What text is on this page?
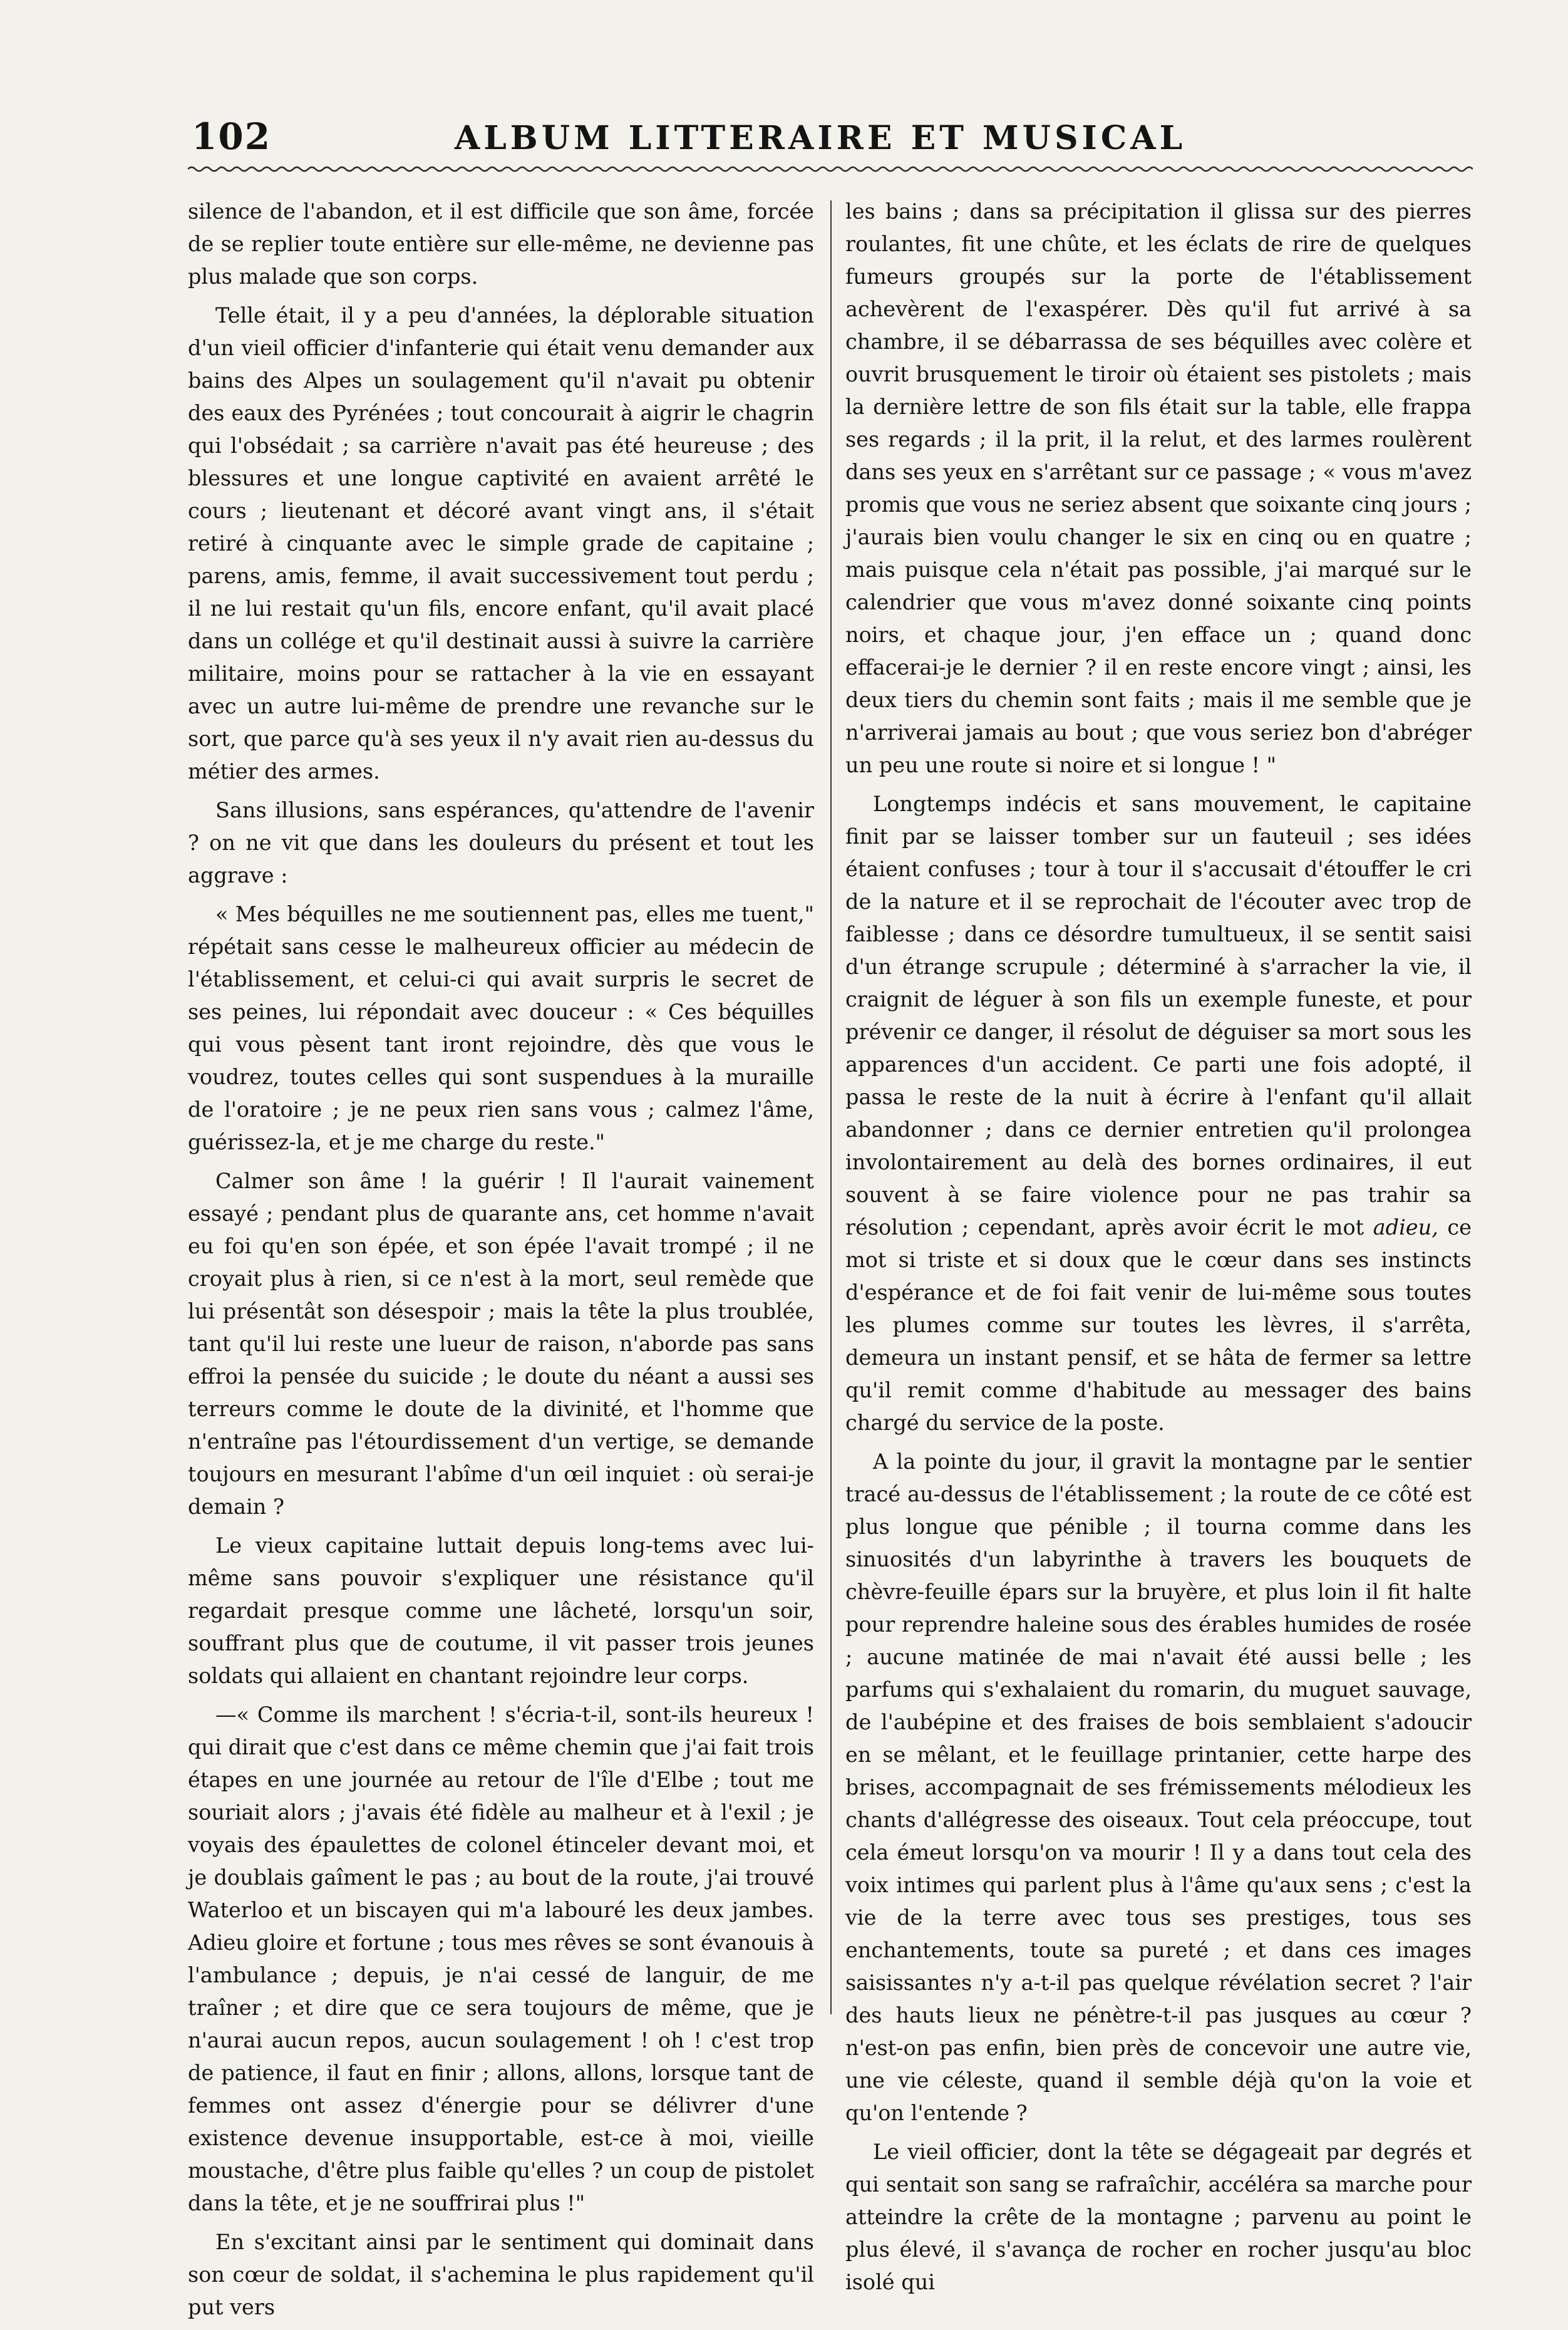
102	ALBUM LITTERAIRE ET MUSICAL

silence de l'abandon, et il est difficile que son âme, forcée de se replier toute entière sur elle-même, ne devienne pas plus malade que son corps.

Telle était, il y a peu d'années, la déplorable situation d'un vieil officier d'infanterie qui était venu demander aux bains des Alpes un soulagement qu'il n'avait pu obtenir des eaux des Pyrénées ; tout concourait à aigrir le chagrin qui l'obsédait ; sa carrière n'avait pas été heureuse ; des blessures et une longue captivité en avaient arrêté le cours ; lieutenant et décoré avant vingt ans, il s'était retiré à cinquante avec le simple grade de capitaine ; parens, amis, femme, il avait successivement tout perdu ; il ne lui restait qu'un fils, encore enfant, qu'il avait placé dans un collége et qu'il destinait aussi à suivre la carrière militaire, moins pour se rattacher à la vie en essayant avec un autre lui-même de prendre une revanche sur le sort, que parce qu'à ses yeux il n'y avait rien au-dessus du métier des armes.

Sans illusions, sans espérances, qu'attendre de l'avenir ? on ne vit que dans les douleurs du présent et tout les aggrave :

« Mes béquilles ne me soutiennent pas, elles me tuent," répétait sans cesse le malheureux officier au médecin de l'établissement, et celui-ci qui avait surpris le secret de ses peines, lui répondait avec douceur : « Ces béquilles qui vous pèsent tant iront rejoindre, dès que vous le voudrez, toutes celles qui sont suspendues à la muraille de l'oratoire ; je ne peux rien sans vous ; calmez l'âme, guérissez-la, et je me charge du reste."

Calmer son âme ! la guérir ! Il l'aurait vainement essayé ; pendant plus de quarante ans, cet homme n'avait eu foi qu'en son épée, et son épée l'avait trompé ; il ne croyait plus à rien, si ce n'est à la mort, seul remède que lui présentât son désespoir ; mais la tête la plus troublée, tant qu'il lui reste une lueur de raison, n'aborde pas sans effroi la pensée du suicide ; le doute du néant a aussi ses terreurs comme le doute de la divinité, et l'homme que n'entraîne pas l'étourdissement d'un vertige, se demande toujours en mesurant l'abîme d'un œil inquiet : où serai-je demain ?

Le vieux capitaine luttait depuis long-tems avec lui-même sans pouvoir s'expliquer une résistance qu'il regardait presque comme une lâcheté, lorsqu'un soir, souffrant plus que de coutume, il vit passer trois jeunes soldats qui allaient en chantant rejoindre leur corps.

—« Comme ils marchent ! s'écria-t-il, sont-ils heureux ! qui dirait que c'est dans ce même chemin que j'ai fait trois étapes en une journée au retour de l'île d'Elbe ; tout me souriait alors ; j'avais été fidèle au malheur et à l'exil ; je voyais des épaulettes de colonel étinceler devant moi, et je doublais gaîment le pas ; au bout de la route, j'ai trouvé Waterloo et un biscayen qui m'a labouré les deux jambes. Adieu gloire et fortune ; tous mes rêves se sont évanouis à l'ambulance ; depuis, je n'ai cessé de languir, de me traîner ; et dire que ce sera toujours de même, que je n'aurai aucun repos, aucun soulagement ! oh ! c'est trop de patience, il faut en finir ; allons, allons, lorsque tant de femmes ont assez d'énergie pour se délivrer d'une existence devenue insupportable, est-ce à moi, vieille moustache, d'être plus faible qu'elles ? un coup de pistolet dans la tête, et je ne souffrirai plus !"

En s'excitant ainsi par le sentiment qui dominait dans son cœur de soldat, il s'achemina le plus rapidement qu'il put vers

les bains ; dans sa précipitation il glissa sur des pierres roulantes, fit une chûte, et les éclats de rire de quelques fumeurs groupés sur la porte de l'établissement achevèrent de l'exaspérer. Dès qu'il fut arrivé à sa chambre, il se débarrassa de ses béquilles avec colère et ouvrit brusquement le tiroir où étaient ses pistolets ; mais la dernière lettre de son fils était sur la table, elle frappa ses regards ; il la prit, il la relut, et des larmes roulèrent dans ses yeux en s'arrêtant sur ce passage ; « vous m'avez promis que vous ne seriez absent que soixante cinq jours ; j'aurais bien voulu changer le six en cinq ou en quatre ; mais puisque cela n'était pas possible, j'ai marqué sur le calendrier que vous m'avez donné soixante cinq points noirs, et chaque jour, j'en efface un ; quand donc effacerai-je le dernier ? il en reste encore vingt ; ainsi, les deux tiers du chemin sont faits ; mais il me semble que je n'arriverai jamais au bout ; que vous seriez bon d'abréger un peu une route si noire et si longue ! "

Longtemps indécis et sans mouvement, le capitaine finit par se laisser tomber sur un fauteuil ; ses idées étaient confuses ; tour à tour il s'accusait d'étouffer le cri de la nature et il se reprochait de l'écouter avec trop de faiblesse ; dans ce désordre tumultueux, il se sentit saisi d'un étrange scrupule ; déterminé à s'arracher la vie, il craignit de léguer à son fils un exemple funeste, et pour prévenir ce danger, il résolut de déguiser sa mort sous les apparences d'un accident. Ce parti une fois adopté, il passa le reste de la nuit à écrire à l'enfant qu'il allait abandonner ; dans ce dernier entretien qu'il prolongea involontairement au delà des bornes ordinaires, il eut souvent à se faire violence pour ne pas trahir sa résolution ; cependant, après avoir écrit le mot adieu, ce mot si triste et si doux que le cœur dans ses instincts d'espérance et de foi fait venir de lui-même sous toutes les plumes comme sur toutes les lèvres, il s'arrêta, demeura un instant pensif, et se hâta de fermer sa lettre qu'il remit comme d'habitude au messager des bains chargé du service de la poste.

A la pointe du jour, il gravit la montagne par le sentier tracé au-dessus de l'établissement ; la route de ce côté est plus longue que pénible ; il tourna comme dans les sinuosités d'un labyrinthe à travers les bouquets de chèvre-feuille épars sur la bruyère, et plus loin il fit halte pour reprendre haleine sous des érables humides de rosée ; aucune matinée de mai n'avait été aussi belle ; les parfums qui s'exhalaient du romarin, du muguet sauvage, de l'aubépine et des fraises de bois semblaient s'adoucir en se mêlant, et le feuillage printanier, cette harpe des brises, accompagnait de ses frémissements mélodieux les chants d'allégresse des oiseaux. Tout cela préoccupe, tout cela émeut lorsqu'on va mourir ! Il y a dans tout cela des voix intimes qui parlent plus à l'âme qu'aux sens ; c'est la vie de la terre avec tous ses prestiges, tous ses enchantements, toute sa pureté ; et dans ces images saisissantes n'y a-t-il pas quelque révélation secret ? l'air des hauts lieux ne pénètre-t-il pas jusques au cœur ? n'est-on pas enfin, bien près de concevoir une autre vie, une vie céleste, quand il semble déjà qu'on la voie et qu'on l'entende ?

Le vieil officier, dont la tête se dégageait par degrés et qui sentait son sang se rafraîchir, accéléra sa marche pour atteindre la crête de la montagne ; parvenu au point le plus élevé, il s'avança de rocher en rocher jusqu'au bloc isolé qui
